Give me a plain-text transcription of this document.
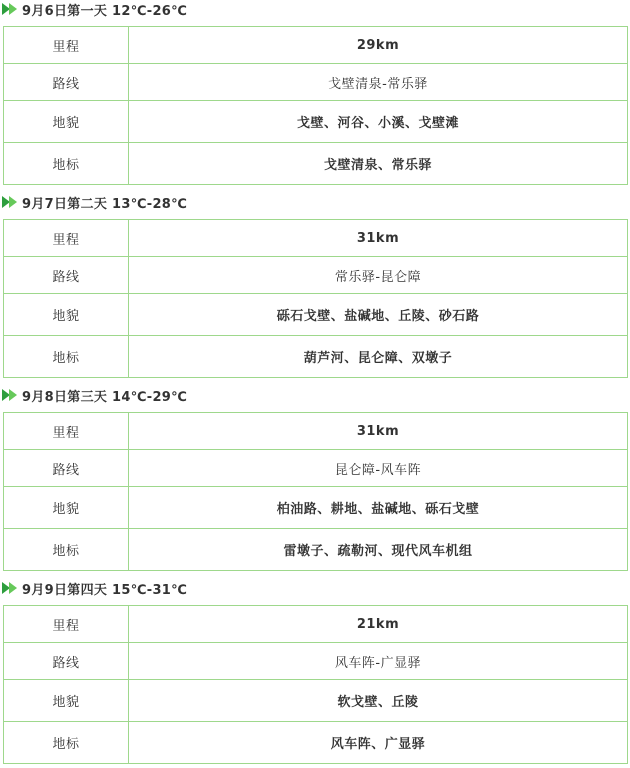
9月6日第一天 12℃-26℃
里程	29km
路线	戈壁清泉-常乐驿
地貌	戈壁、河谷、小溪、戈壁滩
地标	戈壁清泉、常乐驿
9月7日第二天 13℃-28℃
里程	31km
路线	常乐驿-昆仑障
地貌	砾石戈壁、盐碱地、丘陵、砂石路
地标	葫芦河、昆仑障、双墩子
9月8日第三天 14℃-29℃
里程	31km
路线	昆仑障-风车阵
地貌	柏油路、耕地、盐碱地、砾石戈壁
地标	雷墩子、疏勒河、现代风车机组
9月9日第四天 15℃-31℃
里程	21km
路线	风车阵-广显驿
地貌	软戈壁、丘陵
地标	风车阵、广显驿
